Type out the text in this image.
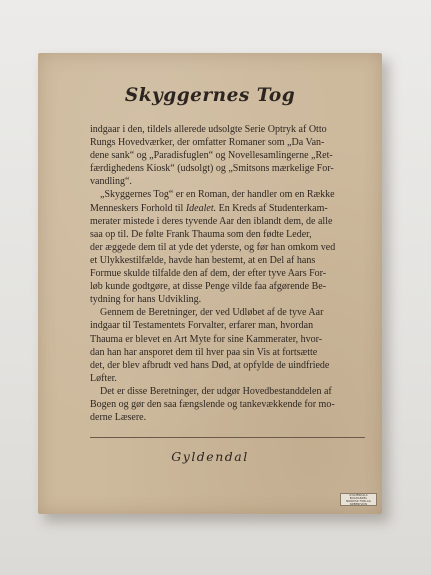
Skyggernes Tog

indgaar i den, tildels allerede udsolgte Serie Optryk af Otto

Rungs Hovedværker, der omfatter Romaner som „Da Van-

dene sank“ og „Paradisfuglen“ og Novellesamlingerne „Ret-

færdighedens Kiosk“ (udsolgt) og „Smitsons mærkelige For-

vandling“.

„Skyggernes Tog“ er en Roman, der handler om en Række

Menneskers Forhold til Idealet. En Kreds af Studenterkam-

merater mistede i deres tyvende Aar den iblandt dem, de alle

saa op til. De følte Frank Thauma som den fødte Leder,

der æggede dem til at yde det yderste, og før han omkom ved

et Ulykkestilfælde, havde han bestemt, at en Del af hans

Formue skulde tilfalde den af dem, der efter tyve Aars For-

løb kunde godtgøre, at disse Penge vilde faa afgørende Be-

tydning for hans Udvikling.

Gennem de Beretninger, der ved Udløbet af de tyve Aar

indgaar til Testamentets Forvalter, erfarer man, hvordan

Thauma er blevet en Art Myte for sine Kammerater, hvor-

dan han har ansporet dem til hver paa sin Vis at fortsætte

det, der blev afbrudt ved hans Død, at opfylde de uindfriede

Løfter.

Det er disse Beretninger, der udgør Hovedbestanddelen af

Bogen og gør den saa fængslende og tankevækkende for mo-

derne Læsere.

Gyldendal
GYLDENDALS
BOGHANDEL
NORDISK FORLAG
KØBENHAVN
